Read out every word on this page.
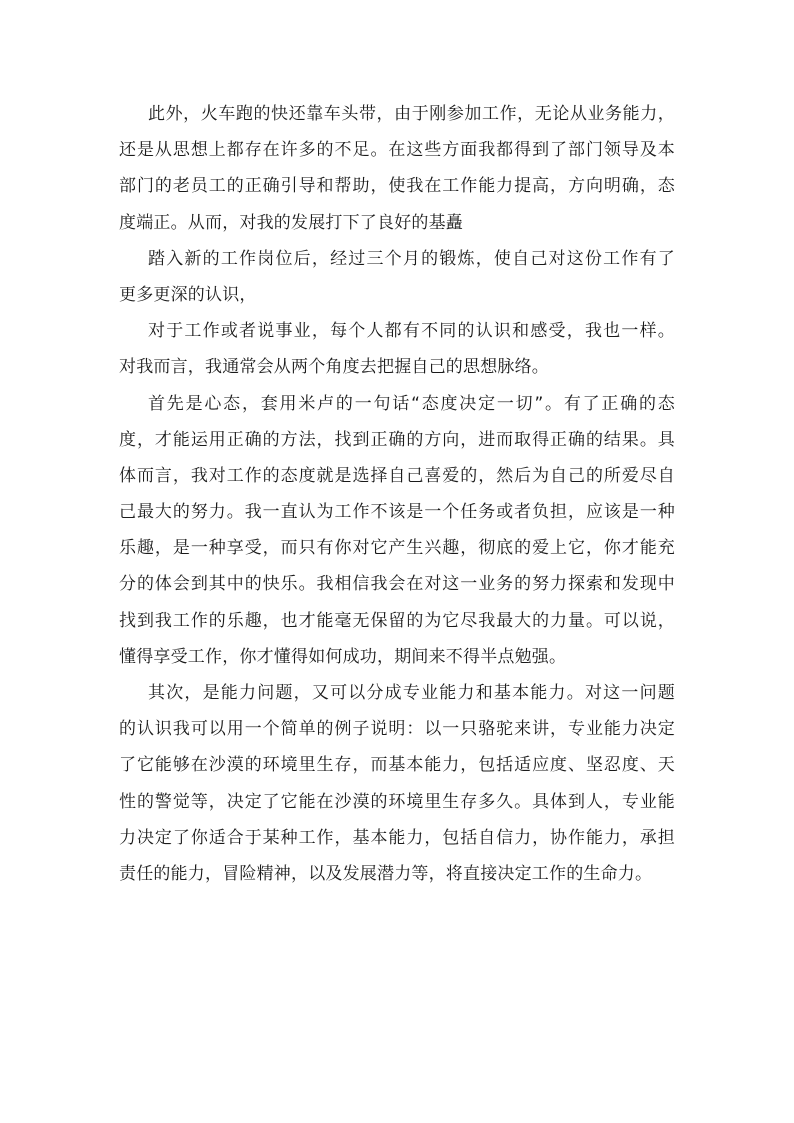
此外，火车跑的快还靠车头带，由于刚参加工作，无论从业务能力，
还是从思想上都存在许多的不足。在这些方面我都得到了部门领导及本
部门的老员工的正确引导和帮助，使我在工作能力提高，方向明确，态
度端正。从而，对我的发展打下了良好的基矗
踏入新的工作岗位后，经过三个月的锻炼，使自己对这份工作有了
更多更深的认识，
对于工作或者说事业，每个人都有不同的认识和感受，我也一样。
对我而言，我通常会从两个角度去把握自己的思想脉络。
首先是心态，套用米卢的一句话“态度决定一切”。有了正确的态
度，才能运用正确的方法，找到正确的方向，进而取得正确的结果。具
体而言，我对工作的态度就是选择自己喜爱的，然后为自己的所爱尽自
己最大的努力。我一直认为工作不该是一个任务或者负担，应该是一种
乐趣，是一种享受，而只有你对它产生兴趣，彻底的爱上它，你才能充
分的体会到其中的快乐。我相信我会在对这一业务的努力探索和发现中
找到我工作的乐趣，也才能毫无保留的为它尽我最大的力量。可以说，
懂得享受工作，你才懂得如何成功，期间来不得半点勉强。
其次，是能力问题，又可以分成专业能力和基本能力。对这一问题
的认识我可以用一个简单的例子说明：以一只骆驼来讲，专业能力决定
了它能够在沙漠的环境里生存，而基本能力，包括适应度、坚忍度、天
性的警觉等，决定了它能在沙漠的环境里生存多久。具体到人，专业能
力决定了你适合于某种工作，基本能力，包括自信力，协作能力，承担
责任的能力，冒险精神，以及发展潜力等，将直接决定工作的生命力。
